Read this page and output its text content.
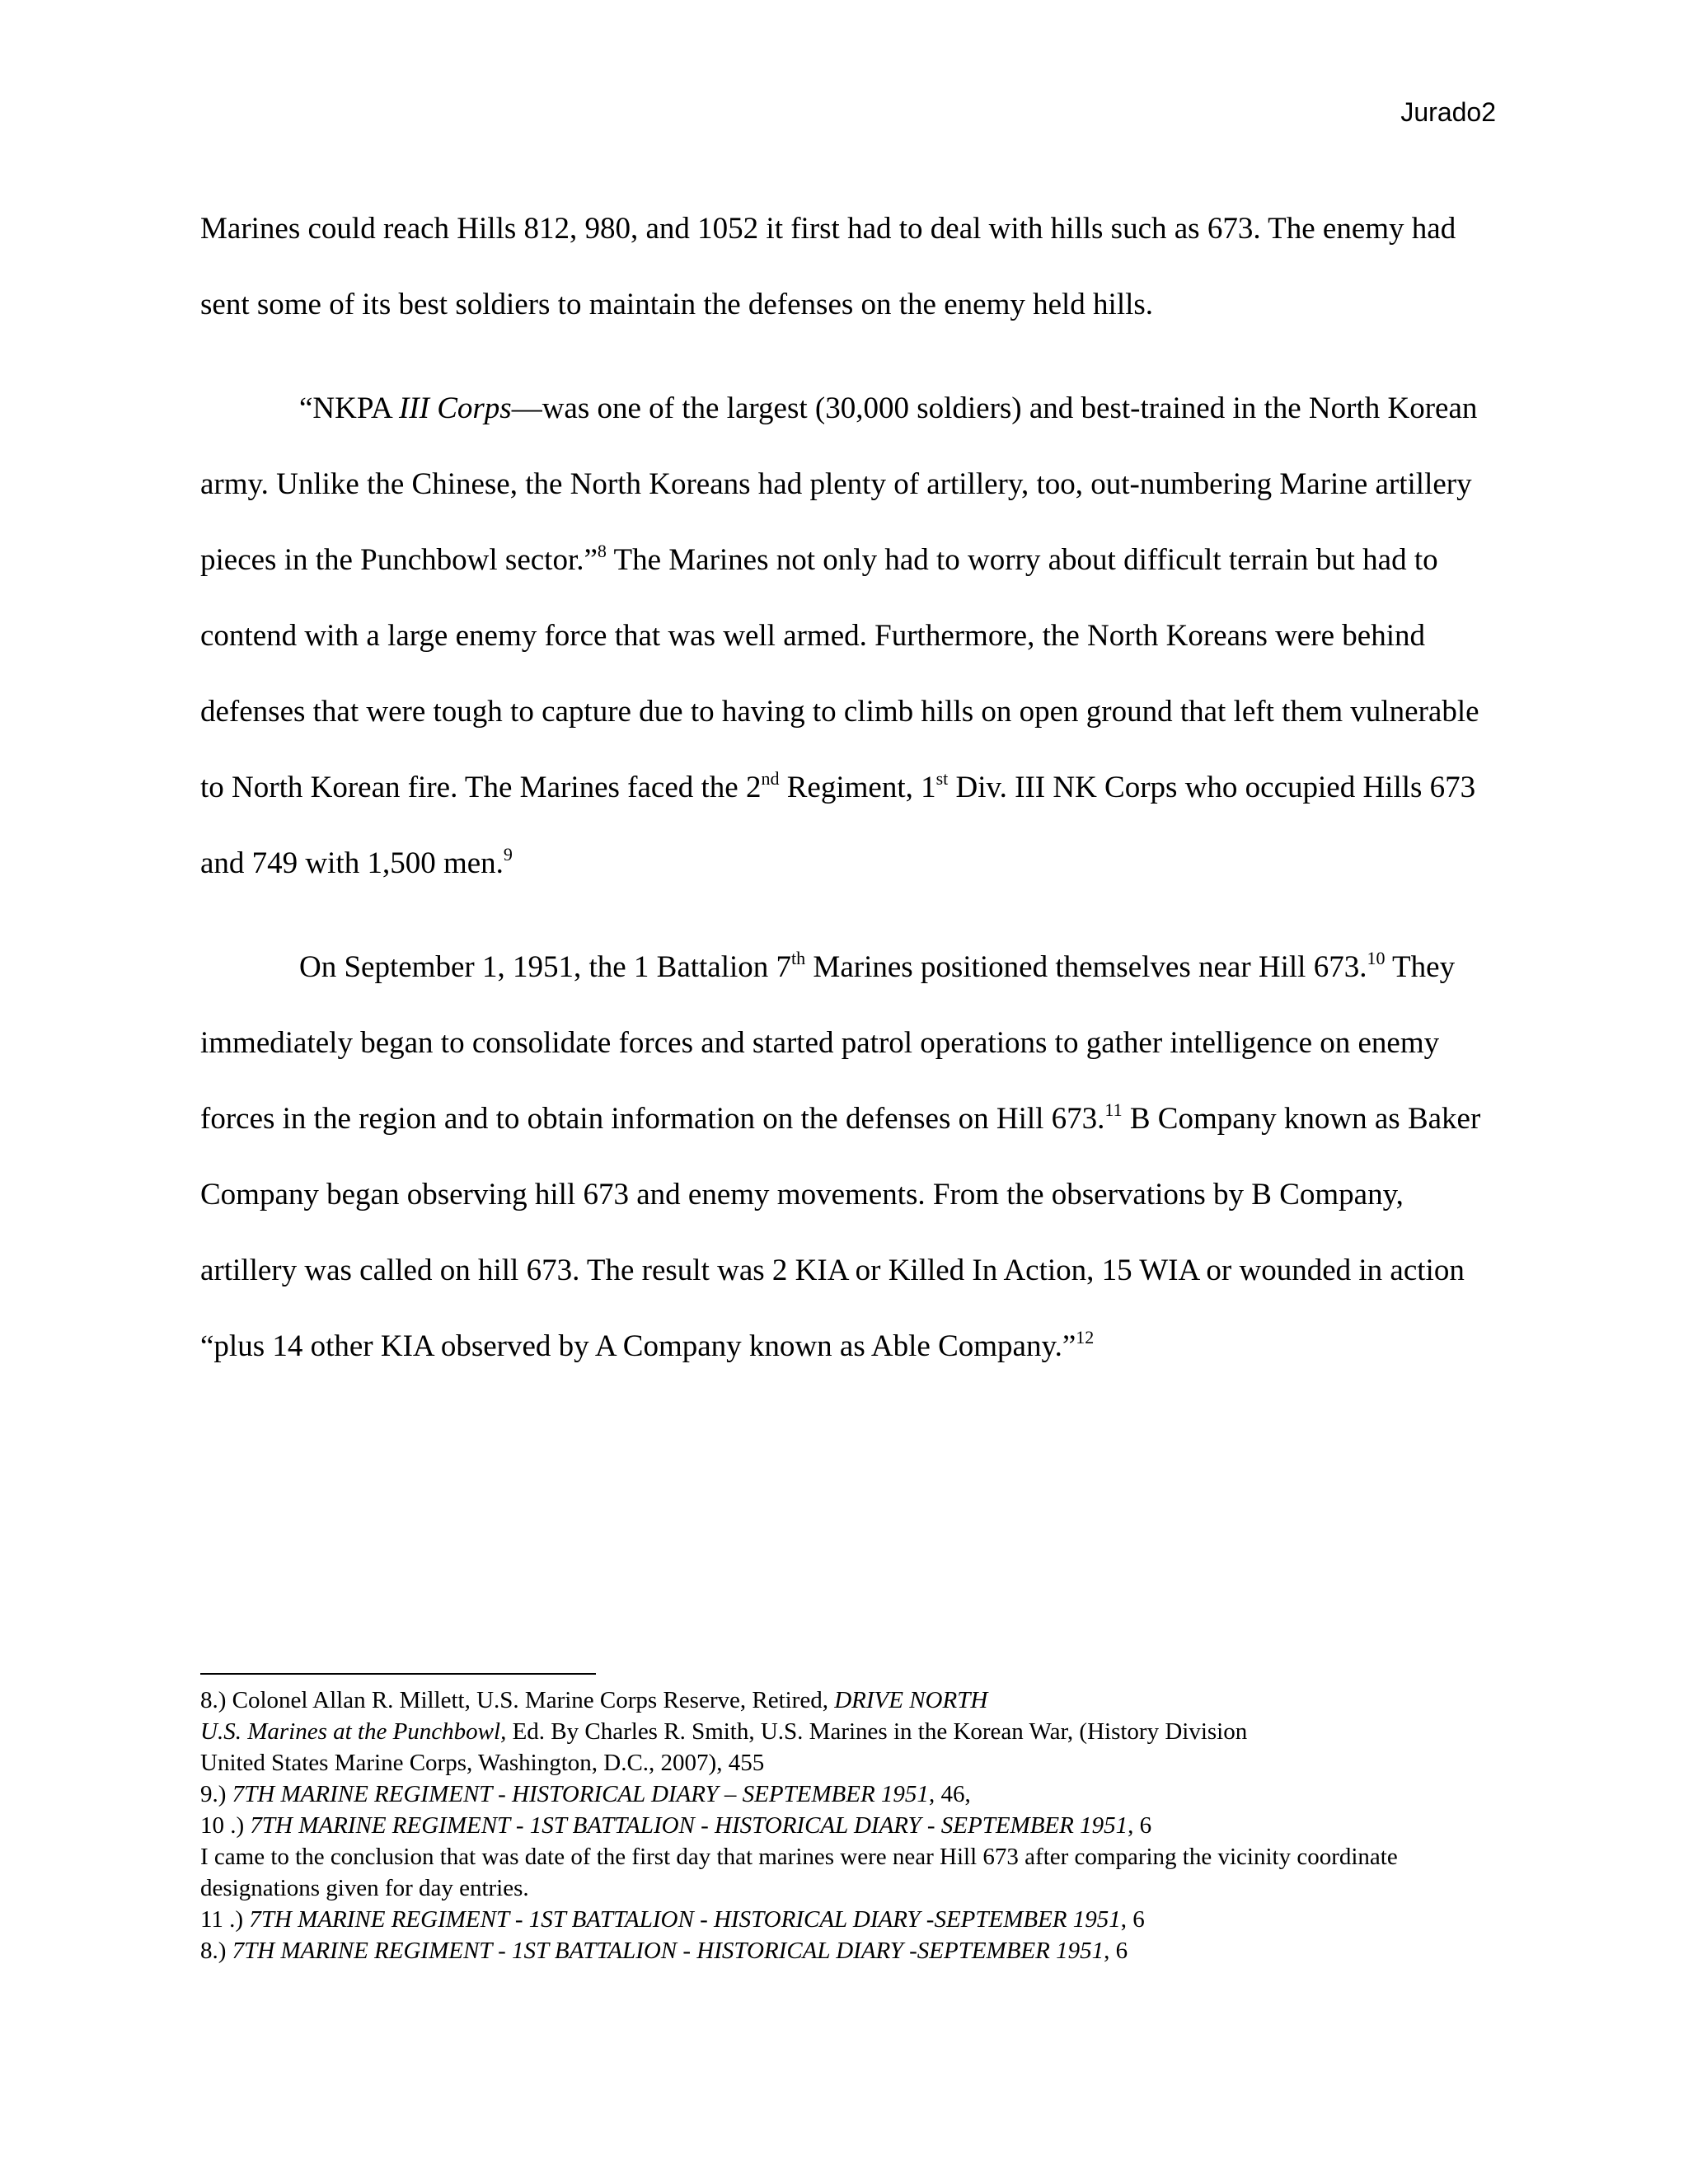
Jurado2

Marines could reach Hills 812, 980, and 1052 it first had to deal with hills such as 673. The enemy had sent some of its best soldiers to maintain the defenses on the enemy held hills.

“NKPA III Corps—was one of the largest (30,000 soldiers) and best-trained in the North Korean army. Unlike the Chinese, the North Koreans had plenty of artillery, too, out-numbering Marine artillery pieces in the Punchbowl sector.”$^8$ The Marines not only had to worry about difficult terrain but had to contend with a large enemy force that was well armed. Furthermore, the North Koreans were behind defenses that were tough to capture due to having to climb hills on open ground that left them vulnerable to North Korean fire. The Marines faced the 2nd Regiment, 1st Div. III NK Corps who occupied Hills 673 and 749 with 1,500 men.$^9$

On September 1, 1951, the 1 Battalion 7th Marines positioned themselves near Hill 673.10 They immediately began to consolidate forces and started patrol operations to gather intelligence on enemy forces in the region and to obtain information on the defenses on Hill 673.11 B Company known as Baker Company began observing hill 673 and enemy movements. From the observations by B Company, artillery was called on hill 673. The result was 2 KIA or Killed In Action, 15 WIA or wounded in action “plus 14 other KIA observed by A Company known as Able Company.”$^{12}$

8.) Colonel Allan R. Millett, U.S. Marine Corps Reserve, Retired, DRIVE NORTH
U.S. Marines at the Punchbowl, Ed. By Charles R. Smith, U.S. Marines in the Korean War, (History Division
United States Marine Corps, Washington, D.C., 2007), 455
9.) 7TH MARINE REGIMENT - HISTORICAL DIARY – SEPTEMBER 1951, 46,
10 .) 7TH MARINE REGIMENT - 1ST BATTALION - HISTORICAL DIARY - SEPTEMBER 1951, 6
I came to the conclusion that was date of the first day that marines were near Hill 673 after comparing the vicinity coordinate designations given for day entries.
11 .) 7TH MARINE REGIMENT - 1ST BATTALION - HISTORICAL DIARY -SEPTEMBER 1951, 6
8.) 7TH MARINE REGIMENT - 1ST BATTALION - HISTORICAL DIARY -SEPTEMBER 1951, 6
